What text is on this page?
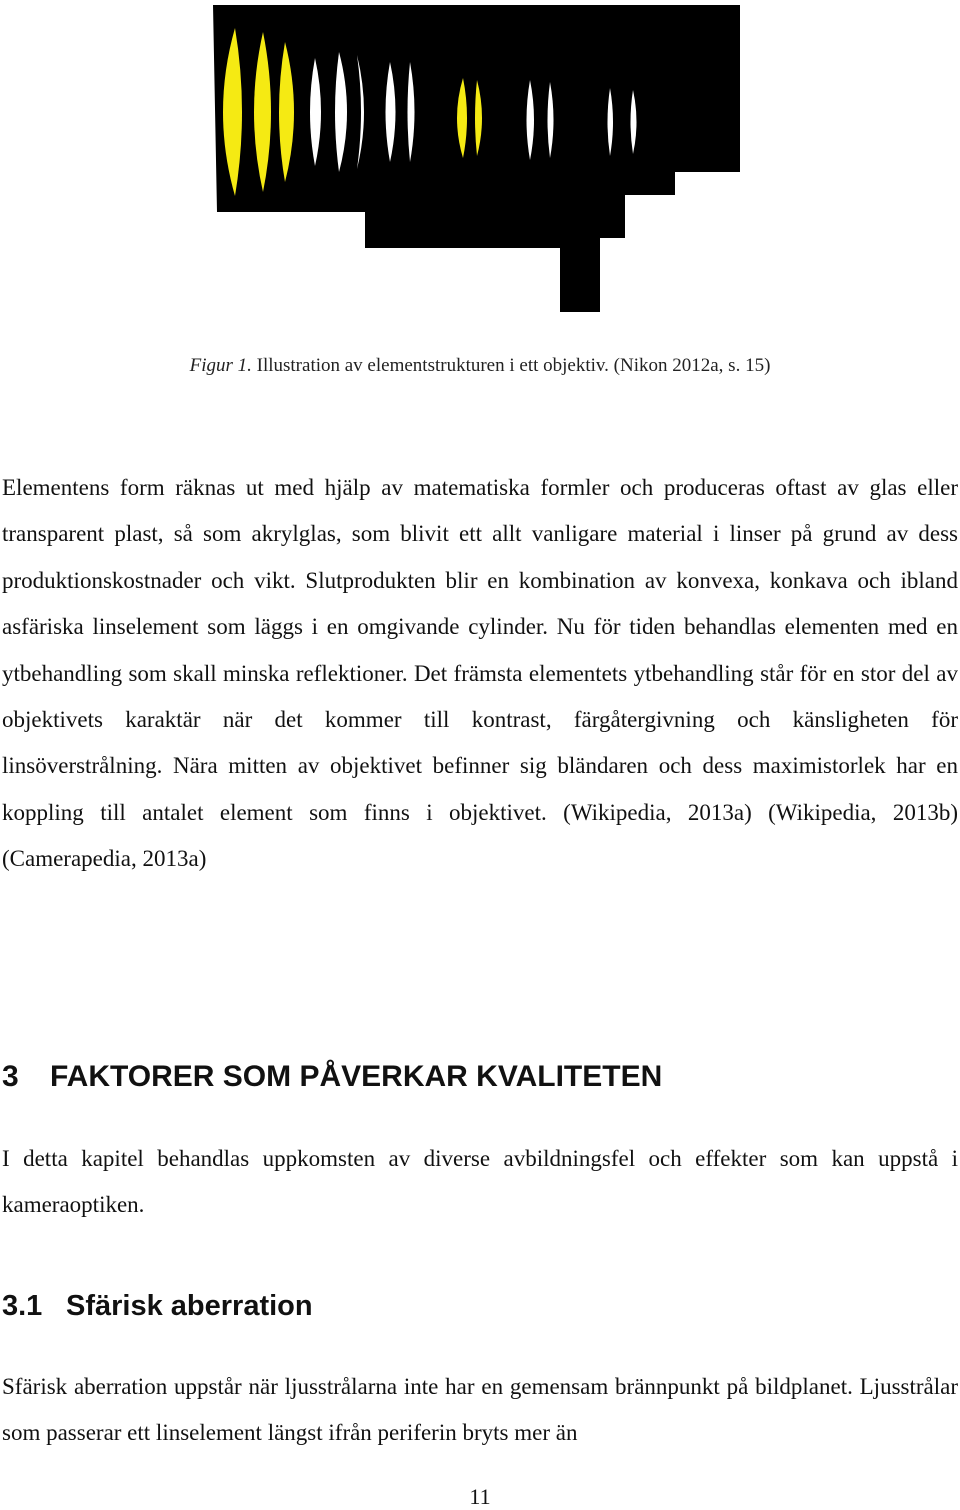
Figur 1. Illustration av elementstrukturen i ett objektiv. (Nikon 2012a, s. 15)

Elementens form räknas ut med hjälp av matematiska formler och produceras oftast av glas eller transparent plast, så som akrylglas, som blivit ett allt vanligare material i linser på grund av dess produktionskostnader och vikt. Slutprodukten blir en kombination av konvexa, konkava och ibland asfäriska linselement som läggs i en omgivande cylinder. Nu för tiden behandlas elementen med en ytbehandling som skall minska reflektioner. Det främsta elementets ytbehandling står för en stor del av objektivets karaktär när det kommer till kontrast, färgåtergivning och känsligheten för linsöverstrålning. Nära mitten av objektivet befinner sig bländaren och dess maximistorlek har en koppling till antalet element som finns i objektivet. (Wikipedia, 2013a) (Wikipedia, 2013b) (Camerapedia, 2013a)

3 FAKTORER SOM PÅVERKAR KVALITETEN

I detta kapitel behandlas uppkomsten av diverse avbildningsfel och effekter som kan uppstå i kameraoptiken.

3.1 Sfärisk aberration

Sfärisk aberration uppstår när ljusstrålarna inte har en gemensam brännpunkt på bildplanet. Ljusstrålar som passerar ett linselement längst ifrån periferin bryts mer än

11
